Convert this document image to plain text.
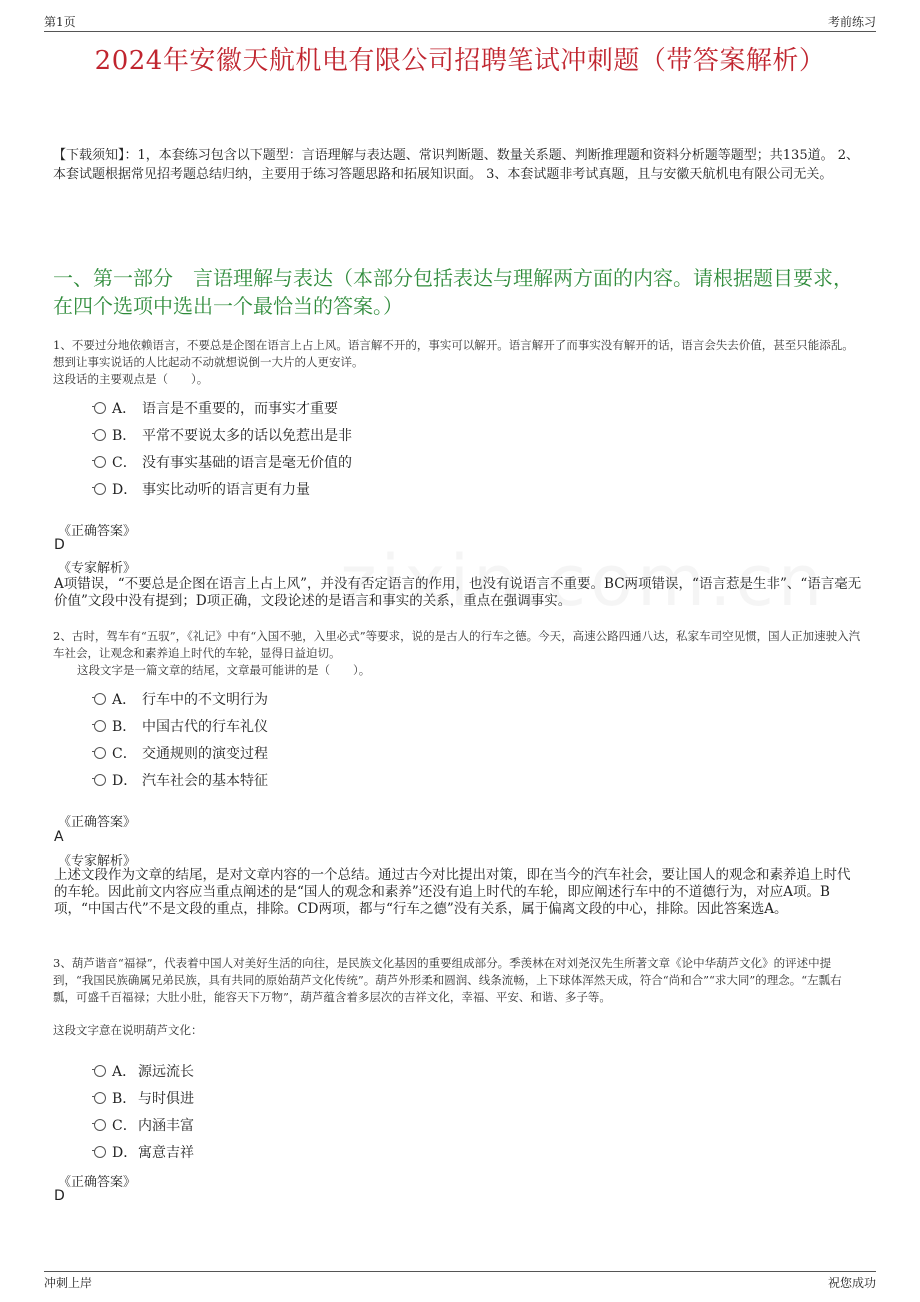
第1页	考前练习
2024年安徽天航机电有限公司招聘笔试冲刺题（带答案解析）
【下载须知】：1，本套练习包含以下题型：言语理解与表达题、常识判断题、数量关系题、判断推理题和资料分析题等题型；共135道。 2、本套试题根据常见招考题总结归纳，主要用于练习答题思路和拓展知识面。 3、本套试题非考试真题，且与安徽天航机电有限公司无关。
一、第一部分　言语理解与表达（本部分包括表达与理解两方面的内容。请根据题目要求，在四个选项中选出一个最恰当的答案。）

1、不要过分地依赖语言，不要总是企图在语言上占上风。语言解不开的，事实可以解开。语言解开了而事实没有解开的话，语言会失去价值，甚至只能添乱。想到让事实说话的人比起动不动就想说倒一大片的人更安详。

这段话的主要观点是（　　）。

A． 语言是不重要的，而事实才重要
B． 平常不要说太多的话以免惹出是非
C． 没有事实基础的语言是毫无价值的
D． 事实比动听的语言更有力量
《正确答案》
D
《专家解析》
A项错误，“不要总是企图在语言上占上风”，并没有否定语言的作用，也没有说语言不重要。BC两项错误，“语言惹是生非”、“语言毫无价值”文段中没有提到；D项正确，文段论述的是语言和事实的关系，重点在强调事实。

2、古时，驾车有“五驭”，《礼记》中有“入国不驰，入里必式”等要求，说的是古人的行车之德。今天，高速公路四通八达，私家车司空见惯，国人正加速驶入汽车社会，让观念和素养追上时代的车轮，显得日益迫切。

这段文字是一篇文章的结尾，文章最可能讲的是（　　）。

A． 行车中的不文明行为
B． 中国古代的行车礼仪
C． 交通规则的演变过程
D． 汽车社会的基本特征
《正确答案》
A
《专家解析》
上述文段作为文章的结尾，是对文章内容的一个总结。通过古今对比提出对策，即在当今的汽车社会，要让国人的观念和素养追上时代的车轮。因此前文内容应当重点阐述的是“国人的观念和素养”还没有追上时代的车轮，即应阐述行车中的不道德行为，对应A项。B项，“中国古代”不是文段的重点，排除。CD两项，都与“行车之德”没有关系，属于偏离文段的中心，排除。因此答案选A。

3、葫芦谐音“福禄”，代表着中国人对美好生活的向往，是民族文化基因的重要组成部分。季羡林在对刘尧汉先生所著文章《论中华葫芦文化》的评述中提到，“我国民族确属兄弟民族，具有共同的原始葫芦文化传统”。葫芦外形柔和圆润、线条流畅，上下球体浑然天成，符合“尚和合”“求大同”的理念。“左瓢右瓢，可盛千百福禄；大肚小肚，能容天下万物”，葫芦蕴含着多层次的吉祥文化，幸福、平安、和谐、多子等。

这段文字意在说明葫芦文化：

A． 源远流长
B． 与时俱进
C．内涵丰富
D．寓意吉祥
《正确答案》
D
冲刺上岸	祝您成功
